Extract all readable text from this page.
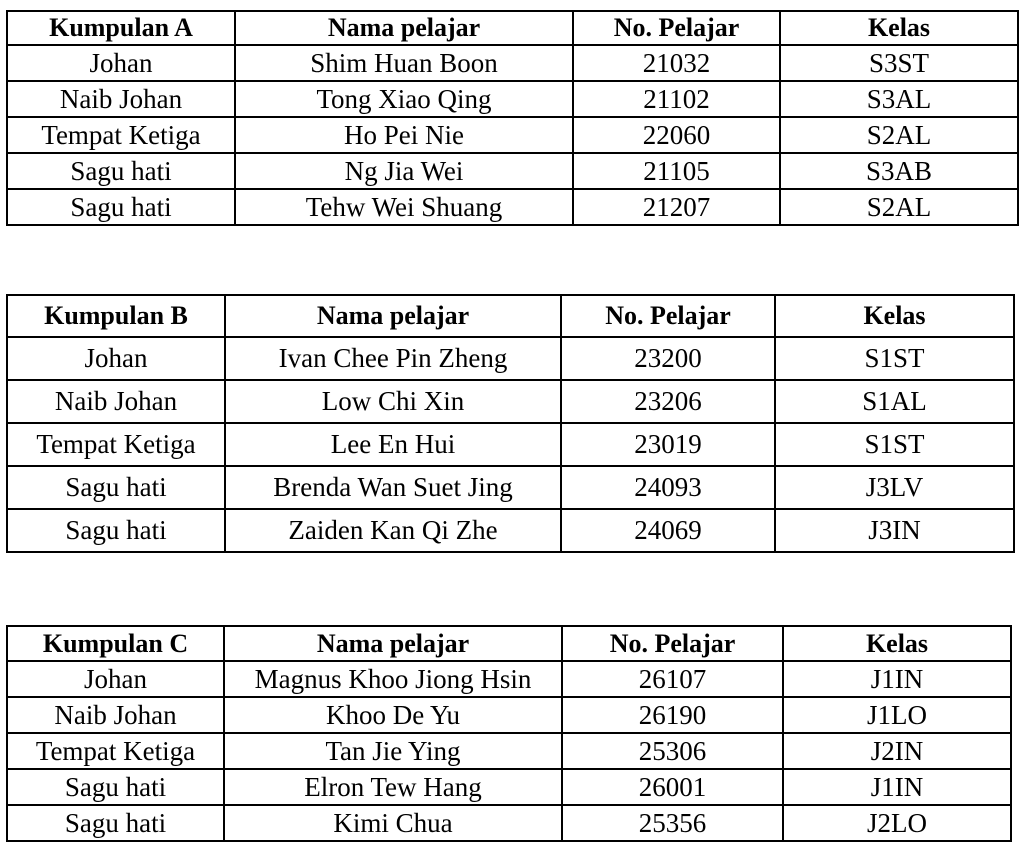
Kumpulan A	Nama pelajar	No. Pelajar	Kelas
Johan	Shim Huan Boon	21032	S3ST
Naib Johan	Tong Xiao Qing	21102	S3AL
Tempat Ketiga	Ho Pei Nie	22060	S2AL
Sagu hati	Ng Jia Wei	21105	S3AB
Sagu hati	Tehw Wei Shuang	21207	S2AL
Kumpulan B	Nama pelajar	No. Pelajar	Kelas
Johan	Ivan Chee Pin Zheng	23200	S1ST
Naib Johan	Low Chi Xin	23206	S1AL
Tempat Ketiga	Lee En Hui	23019	S1ST
Sagu hati	Brenda Wan Suet Jing	24093	J3LV
Sagu hati	Zaiden Kan Qi Zhe	24069	J3IN
Kumpulan C	Nama pelajar	No. Pelajar	Kelas
Johan	Magnus Khoo Jiong Hsin	26107	J1IN
Naib Johan	Khoo De Yu	26190	J1LO
Tempat Ketiga	Tan Jie Ying	25306	J2IN
Sagu hati	Elron Tew Hang	26001	J1IN
Sagu hati	Kimi Chua	25356	J2LO
